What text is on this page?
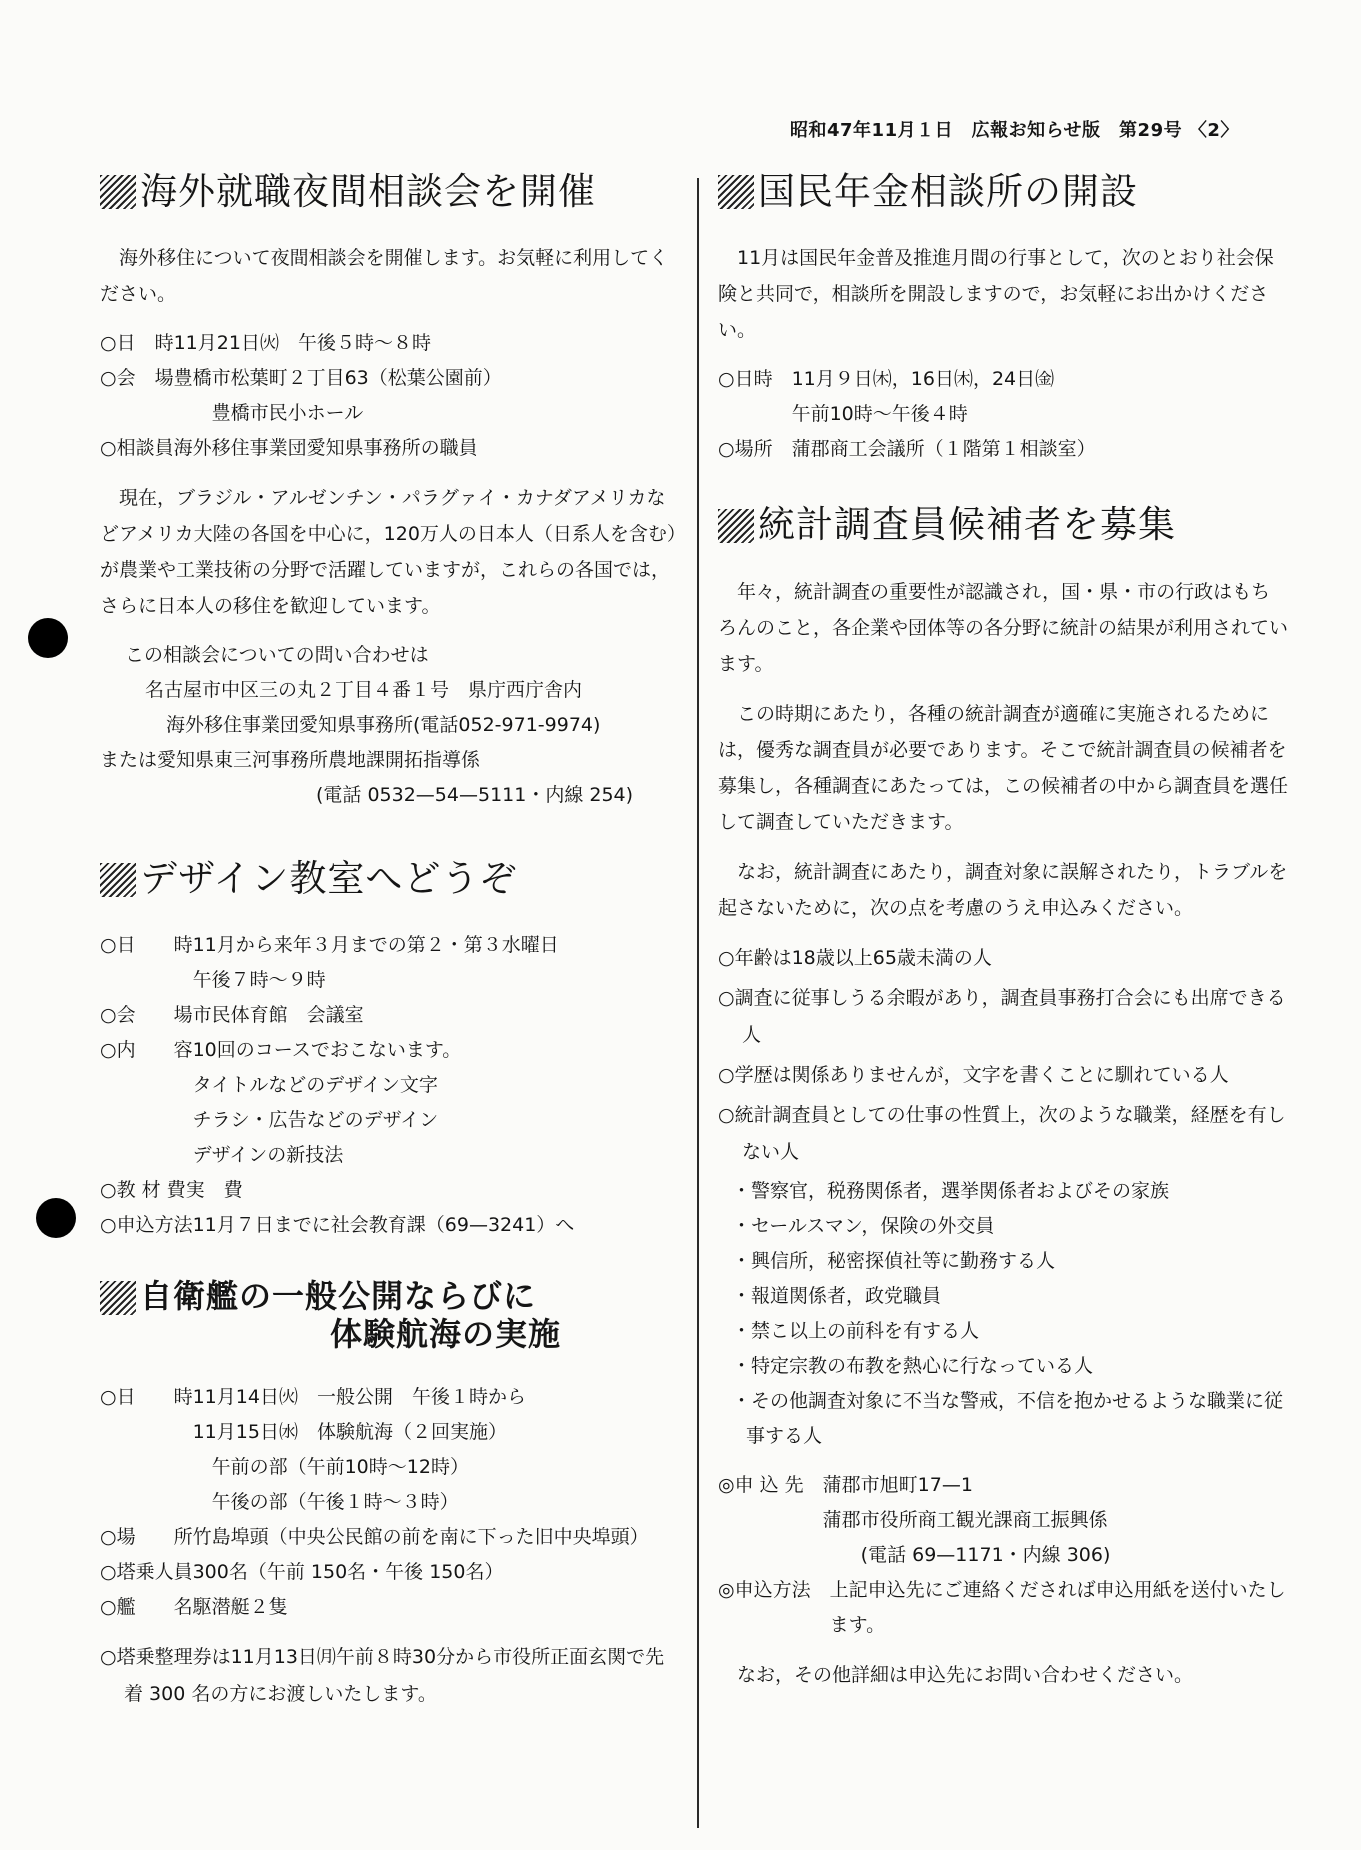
昭和47年11月１日　広報お知らせ版　第29号 〈2〉
海外就職夜間相談会を開催

海外移住について夜間相談会を開催します。お気軽に利用してください。

○日　時 11月21日㈫　午後５時〜８時
○会　場 豊橋市松葉町２丁目63（松葉公園前）
　　豊橋市民小ホール
○相談員 海外移住事業団愛知県事務所の職員

現在，ブラジル・アルゼンチン・パラグァイ・カナダアメリカなどアメリカ大陸の各国を中心に，120万人の日本人（日系人を含む）が農業や工業技術の分野で活躍していますが，これらの各国では，さらに日本人の移住を歓迎しています。

この相談会についての問い合わせは
名古屋市中区三の丸２丁目４番１号　県庁西庁舎内
海外移住事業団愛知県事務所(電話052-971-9974)
または愛知県東三河事務所農地課開拓指導係
(電話 0532—54—5111・内線 254)
デザイン教室へどうぞ
○日　　時 11月から来年３月までの第２・第３水曜日
午後７時〜９時
○会　　場 市民体育館　会議室
○内　　容 10回のコースでおこないます。
タイトルなどのデザイン文字
チラシ・広告などのデザイン
デザインの新技法
○教 材 費 実　費
○申込方法 11月７日までに社会教育課（69—3241）へ
自衛艦の一般公開ならびに
体験航海の実施
○日　　時 11月14日㈫　一般公開　午後１時から
11月15日㈬　体験航海（２回実施）
　午前の部（午前10時〜12時）
　午後の部（午後１時〜３時）
○場　　所 竹島埠頭（中央公民館の前を南に下った旧中央埠頭）
○塔乗人員 300名（午前 150名・午後 150名）
○艦　　名 駆潜艇２隻
○塔乗整理券は11月13日㈪午前８時30分から市役所正面玄関で先着 300 名の方にお渡しいたします。
国民年金相談所の開設

11月は国民年金普及推進月間の行事として，次のとおり社会保険と共同で，相談所を開設しますので，お気軽にお出かけください。

○日時　 11月９日㈭，16日㈭，24日㈮
午前10時〜午後４時
○場所　 蒲郡商工会議所（１階第１相談室）
統計調査員候補者を募集

年々，統計調査の重要性が認識され，国・県・市の行政はもちろんのこと，各企業や団体等の各分野に統計の結果が利用されています。

この時期にあたり，各種の統計調査が適確に実施されるためには，優秀な調査員が必要であります。そこで統計調査員の候補者を募集し，各種調査にあたっては，この候補者の中から調査員を選任して調査していただきます。

なお，統計調査にあたり，調査対象に誤解されたり，トラブルを起さないために，次の点を考慮のうえ申込みください。

○年齢は18歳以上65歳未満の人
○調査に従事しうる余暇があり，調査員事務打合会にも出席できる人
○学歴は関係ありませんが，文字を書くことに馴れている人
○統計調査員としての仕事の性質上，次のような職業，経歴を有しない人
・警察官，税務関係者，選挙関係者およびその家族
・セールスマン，保険の外交員
・興信所，秘密探偵社等に勤務する人
・報道関係者，政党職員
・禁こ以上の前科を有する人
・特定宗教の布教を熱心に行なっている人
・その他調査対象に不当な警戒，不信を抱かせるような職業に従事する人
◎申 込 先　 蒲郡市旭町17—1
蒲郡市役所商工観光課商工振興係
　　(電話 69—1171・内線 306)
◎申込方法　 上記申込先にご連絡くだされば申込用紙を送付いたします。

なお，その他詳細は申込先にお問い合わせください。
